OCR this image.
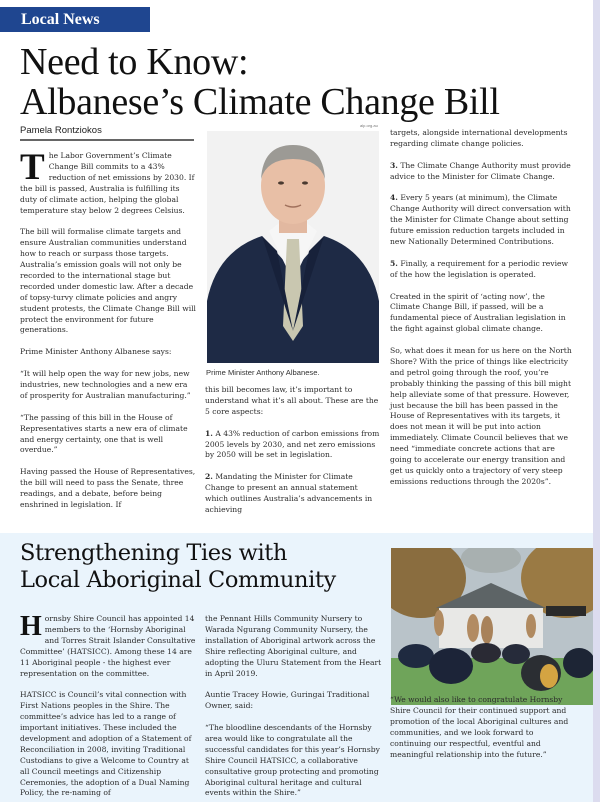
Local News
Need to Know:
Albanese’s Climate Change Bill
Pamela Rontziokos

The Labor Government’s Climate Change Bill commits to a 43% reduction of net emissions by 2030. If the bill is passed, Australia is fulfilling its duty of climate action, helping the global temperature stay below 2 degrees Celsius.

The bill will formalise climate targets and ensure Australian communities understand how to reach or surpass those targets. Australia’s emission goals will not only be recorded to the international stage but recorded under domestic law. After a decade of topsy-turvy climate policies and angry student protests, the Climate Change Bill will protect the environment for future generations.

Prime Minister Anthony Albanese says:

“It will help open the way for new jobs, new industries, new technologies and a new era of prosperity for Australian manufacturing.”

“The passing of this bill in the House of Representatives starts a new era of climate and energy certainty, one that is well overdue.”

Having passed the House of Representatives, the bill will need to pass the Senate, three readings, and a debate, before being enshrined in legislation. If

alp.org.au
Prime Minister Anthony Albanese.

this bill becomes law, it’s important to understand what it’s all about. These are the 5 core aspects:

1. A 43% reduction of carbon emissions from 2005 levels by 2030, and net zero emissions by 2050 will be set in legislation.

2. Mandating the Minister for Climate Change to present an annual statement which outlines Australia’s advancements in achieving

targets, alongside international developments regarding climate change policies.

3. The Climate Change Authority must provide advice to the Minister for Climate Change.

4. Every 5 years (at minimum), the Climate Change Authority will direct conversation with the Minister for Climate Change about setting future emission reduction targets included in new Nationally Determined Contributions.

5. Finally, a requirement for a periodic review of the how the legislation is operated.

Created in the spirit of ‘acting now’, the Climate Change Bill, if passed, will be a fundamental piece of Australian legislation in the fight against global climate change.

So, what does it mean for us here on the North Shore? With the price of things like electricity and petrol going through the roof, you’re probably thinking the passing of this bill might help alleviate some of that pressure. However, just because the bill has been passed in the House of Representatives with its targets, it does not mean it will be put into action immediately. Climate Council believes that we need “immediate concrete actions that are going to accelerate our energy transition and get us quickly onto a trajectory of very steep emissions reductions through the 2020s”.

Strengthening Ties with
Local Aboriginal Community

Hornsby Shire Council has appointed 14 members to the ‘Hornsby Aboriginal and Torres Strait Islander Consultative Committee’ (HATSICC). Among these 14 are 11 Aboriginal people - the highest ever representation on the committee.

HATSICC is Council’s vital connection with First Nations peoples in the Shire. The committee’s advice has led to a range of important initiatives. These included the development and adoption of a Statement of Reconciliation in 2008, inviting Traditional Custodians to give a Welcome to Country at all Council meetings and Citizenship Ceremonies, the adoption of a Dual Naming Policy, the re-naming of

the Pennant Hills Community Nursery to Warada Ngurang Community Nursery, the installation of Aboriginal artwork across the Shire reflecting Aboriginal culture, and adopting the Uluru Statement from the Heart in April 2019.

Auntie Tracey Howie, Guringai Traditional Owner, said:

“The bloodline descendants of the Hornsby area would like to congratulate all the successful candidates for this year’s Hornsby Shire Council HATSICC, a collaborative consultative group protecting and promoting Aboriginal cultural heritage and cultural events within the Shire.”

“We would also like to congratulate Hornsby Shire Council for their continued support and promotion of the local Aboriginal cultures and communities, and we look forward to continuing our respectful, eventful and meaningful relationship into the future.”
